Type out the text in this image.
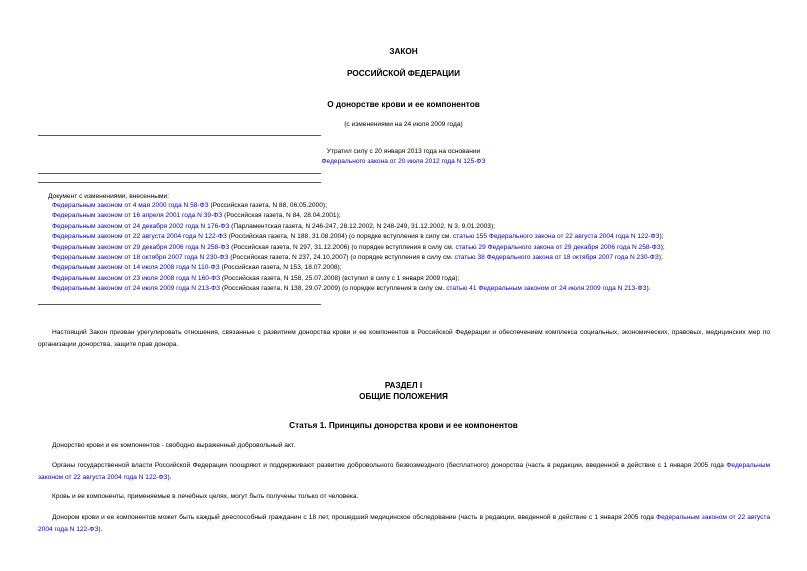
ЗАКОН
РОССИЙСКОЙ ФЕДЕРАЦИИ
О донорстве крови и ее компонентов
(с изменениями на 24 июля 2009 года)
Утратил силу с 20 января 2013 года на основании
Федерального закона от 20 июля 2012 года N 125-ФЗ
Документ с изменениями, внесенными:
Федеральным законом от 4 мая 2000 года N 58-ФЗ (Российская газета, N 88, 06.05.2000);
Федеральным законом от 16 апреля 2001 года N 39-ФЗ (Российская газета, N 84, 28.04.2001);
Федеральным законом от 24 декабря 2002 года N 176-ФЗ (Парламентская газета, N 246-247, 28.12.2002, N 248-249, 31.12.2002, N 3, 9.01.2003);
Федеральным законом от 22 августа 2004 года N 122-ФЗ (Российская газета, N 188, 31.08.2004) (о порядке вступления в силу см. статью 155 Федерального закона от 22 августа 2004 года N 122-ФЗ);
Федеральным законом от 29 декабря 2006 года N 258-ФЗ (Российская газета, N 297, 31.12.2006) (о порядке вступления в силу см. статью 29 Федерального закона от 29 декабря 2006 года N 258-ФЗ);
Федеральным законом от 18 октября 2007 года N 230-ФЗ (Российская газета, N 237, 24.10.2007) (о порядке вступления в силу см. статью 38 Федерального закона от 18 октября 2007 года N 230-ФЗ);
Федеральным законом от 14 июля 2008 года N 110-ФЗ (Российская газета, N 153, 18.07.2008);
Федеральным законом от 23 июля 2008 года N 160-ФЗ (Российская газета, N 158, 25.07.2008) (вступил в силу с 1 января 2009 года);
Федеральным законом от 24 июля 2009 года N 213-ФЗ (Российская газета, N 138, 29.07.2009) (о порядке вступления в силу см. статью 41 Федеральным законом от 24 июля 2009 года N 213-ФЗ).
Настоящий Закон призван урегулировать отношения, связанные с развитием донорства крови и ее компонентов в Российской Федерации и обеспечением комплекса социальных, экономических, правовых, медицинских мер по организации донорства, защите прав донора.
РАЗДЕЛ I
ОБЩИЕ ПОЛОЖЕНИЯ
Статья 1. Принципы донорства крови и ее компонентов
Донорство крови и ее компонентов - свободно выраженный добровольный акт.
Органы государственной власти Российской Федерации поощряют и поддерживают развитие добровольного безвозмездного (бесплатного) донорства (часть в редакции, введенной в действие с 1 января 2005 года Федеральным законом от 22 августа 2004 года N 122-ФЗ).
Кровь и ее компоненты, применяемые в лечебных целях, могут быть получены только от человека.
Донором крови и ее компонентов может быть каждый дееспособный гражданин с 18 лет, прошедший медицинское обследование (часть в редакции, введенной в действие с 1 января 2005 года Федеральным законом от 22 августа 2004 года N 122-ФЗ).
